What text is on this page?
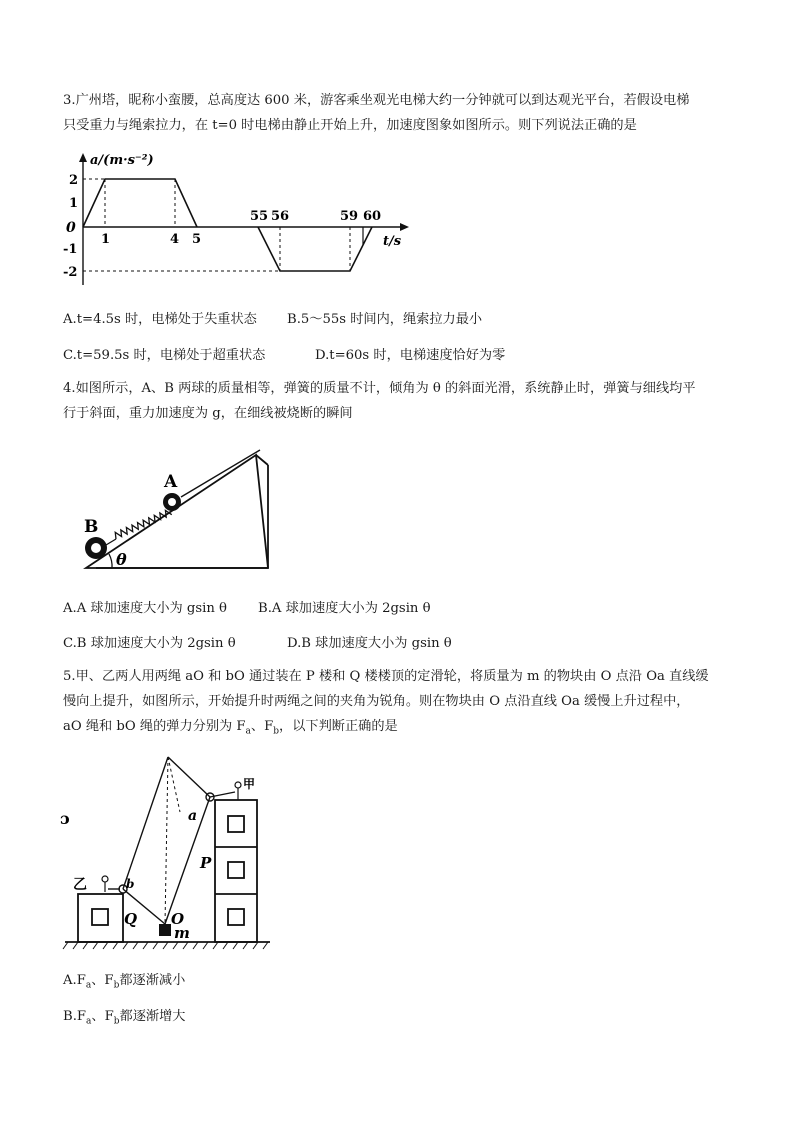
3.广州塔，昵称小蛮腰，总高度达 600 米，游客乘坐观光电梯大约一分钟就可以到达观光平台，若假设电梯
只受重力与绳索拉力，在 t=0 时电梯由静止开始上升，加速度图象如图所示。则下列说法正确的是
a/(m·s⁻²)
t/s
0
2
1
-1
-2
1	4 5
55 56	59 60
A.t=4.5s 时，电梯处于失重状态 B.5～55s 时间内，绳索拉力最小
C.t=59.5s 时，电梯处于超重状态	D.t=60s 时，电梯速度恰好为零
4.如图所示，A、B 两球的质量相等，弹簧的质量不计，倾角为 θ 的斜面光滑，系统静止时，弹簧与细线均平
行于斜面，重力加速度为 g，在细线被烧断的瞬间
A
B
θ
A.A 球加速度大小为 gsin θ B.A 球加速度大小为 2gsin θ
C.B 球加速度大小为 2gsin θ	D.B 球加速度大小为 gsin θ
5.甲、乙两人用两绳 aO 和 bO 通过装在 P 楼和 Q 楼楼顶的定滑轮，将质量为 m 的物块由 O 点沿 Oa 直线缓
慢向上提升，如图所示，开始提升时两绳之间的夹角为锐角。则在物块由 O 点沿直线 Oa 缓慢上升过程中，
aO 绳和 bO 绳的弹力分别为 $F_a$、$F_b$，以下判断正确的是
ɔ
乙
甲
a
b
P
Q O
m
$A.F_a$、$F_b$都逐渐减小
$B.F_a$、$F_b$都逐渐增大
